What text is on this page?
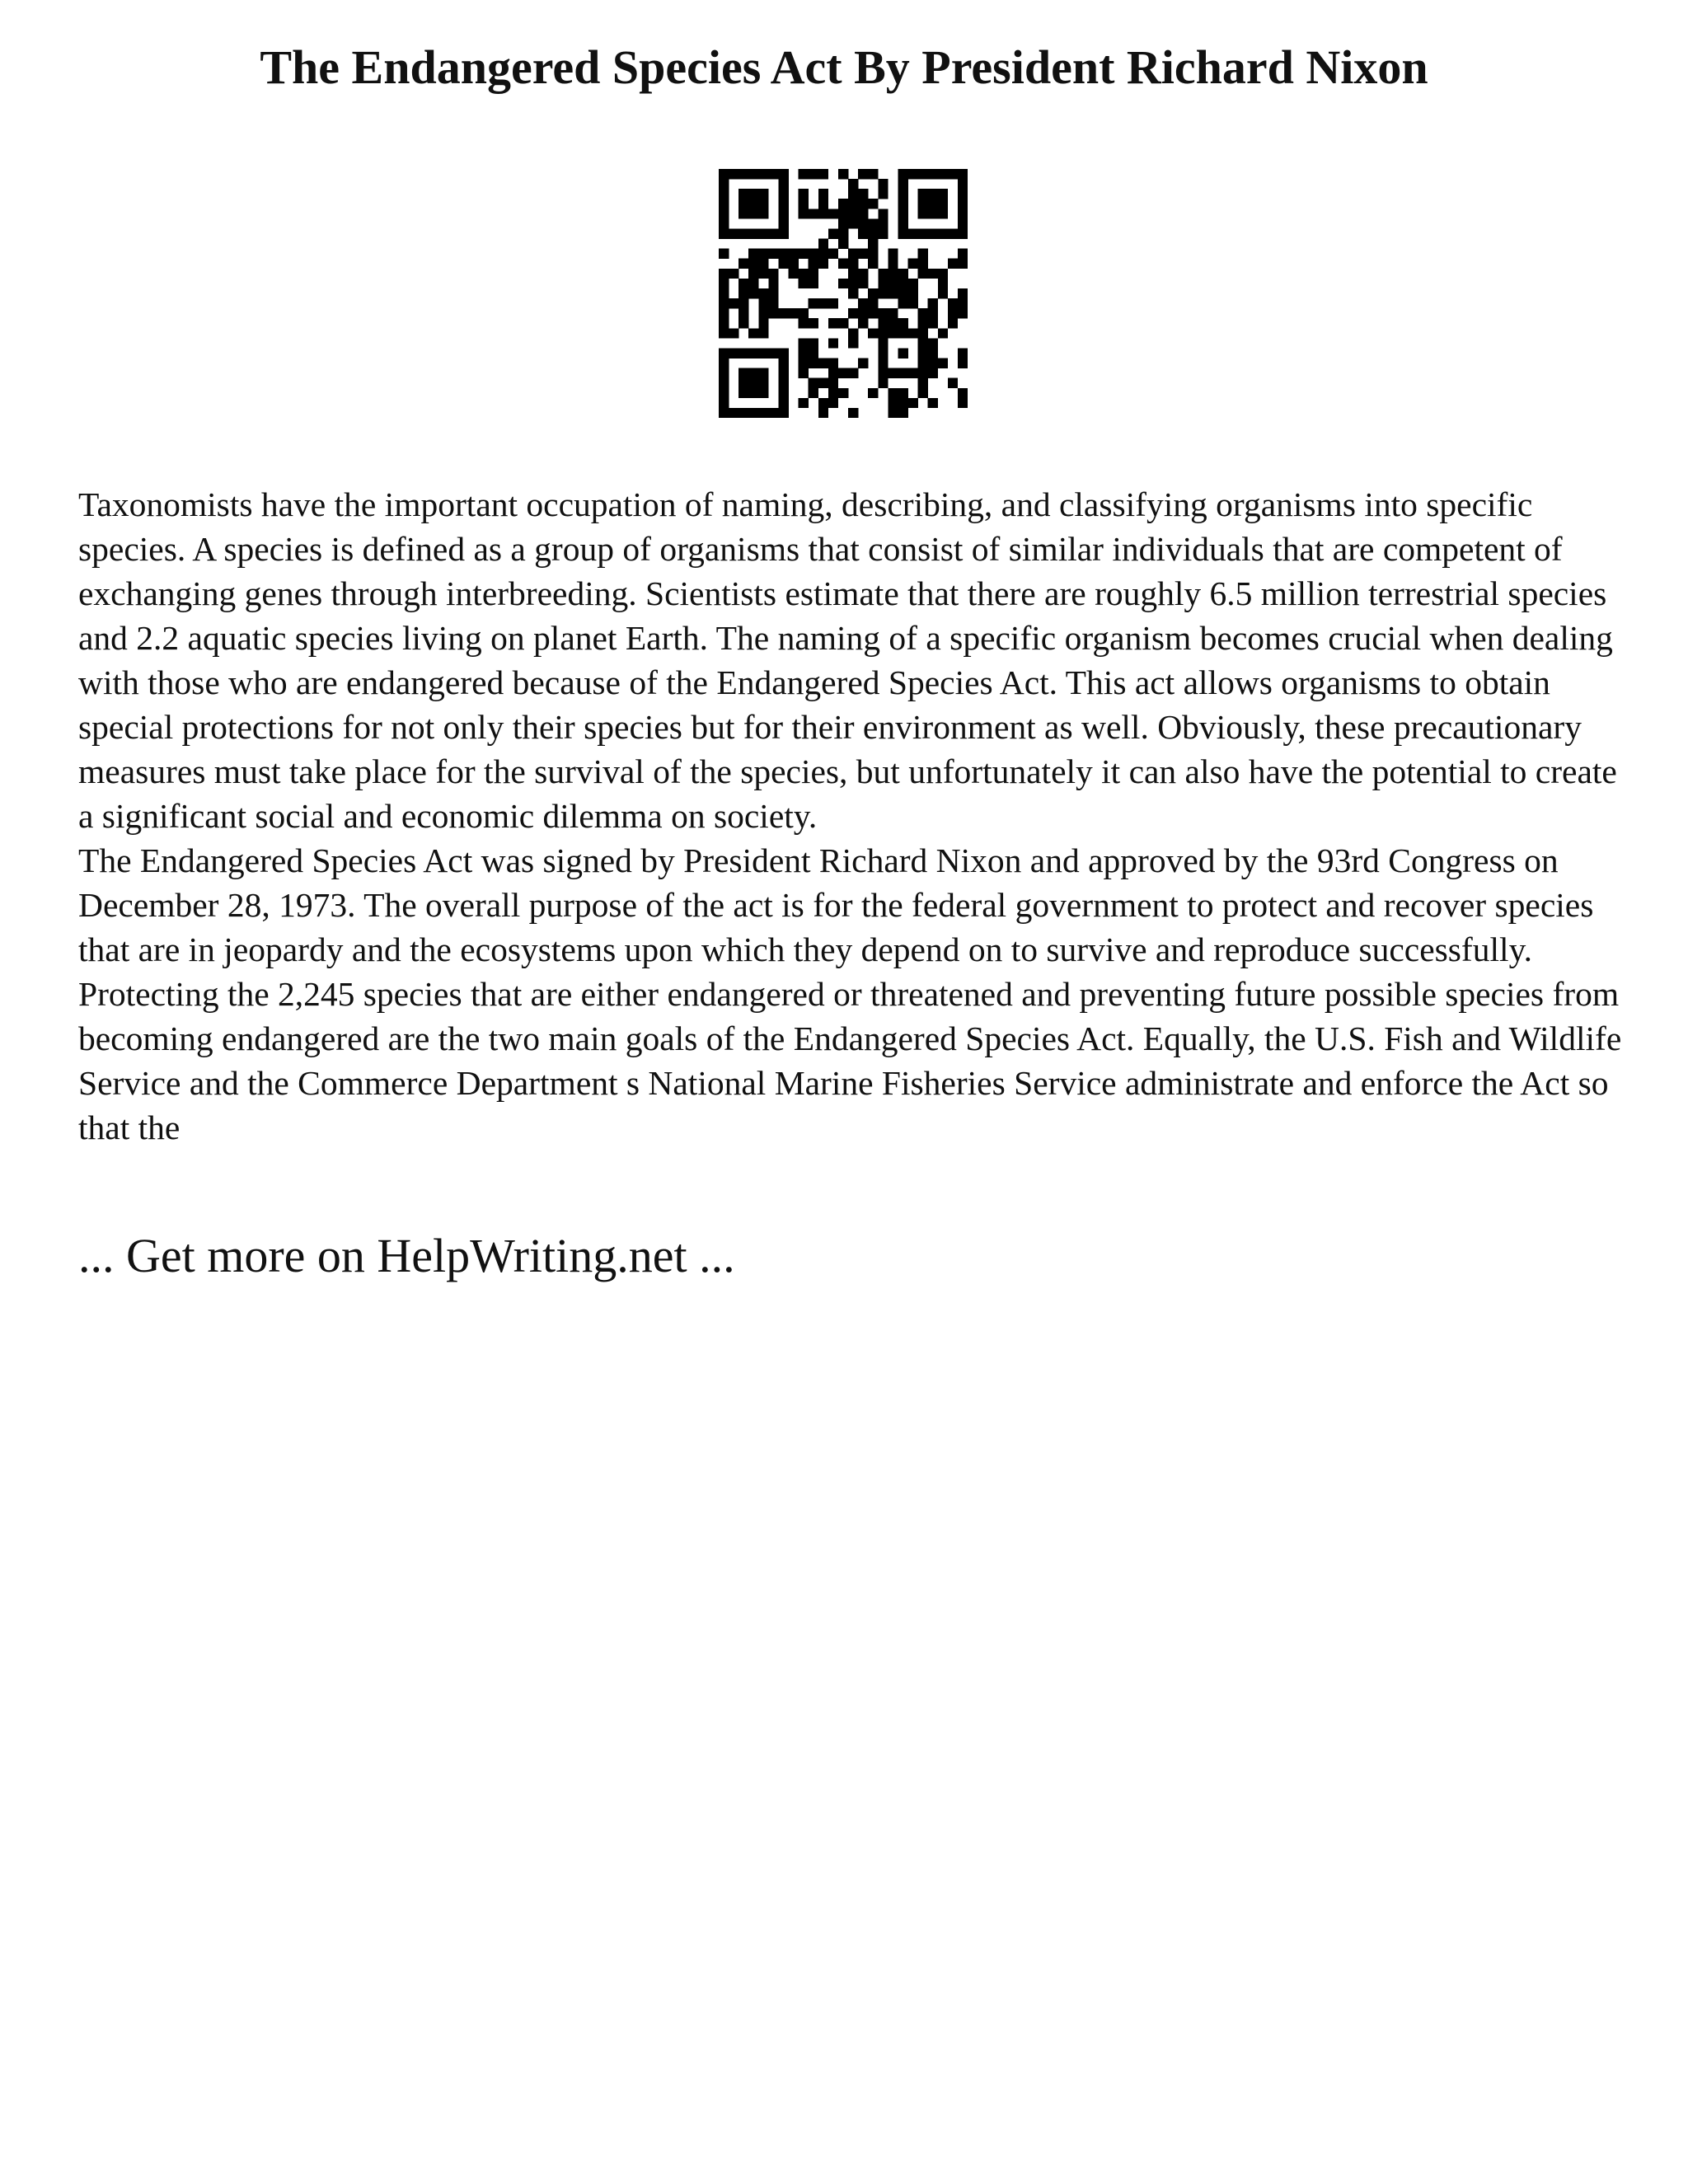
The Endangered Species Act By President Richard Nixon

Taxonomists have the important occupation of naming, describing, and classifying organisms into specific species. A species is defined as a group of organisms that consist of similar individuals that are competent of exchanging genes through interbreeding. Scientists estimate that there are roughly 6.5 million terrestrial species and 2.2 aquatic species living on planet Earth. The naming of a specific organism becomes crucial when dealing with those who are endangered because of the Endangered Species Act. This act allows organisms to obtain special protections for not only their species but for their environment as well. Obviously, these precautionary measures must take place for the survival of the species, but unfortunately it can also have the potential to create a significant social and economic dilemma on society.

The Endangered Species Act was signed by President Richard Nixon and approved by the 93rd Congress on December 28, 1973. The overall purpose of the act is for the federal government to protect and recover species that are in jeopardy and the ecosystems upon which they depend on to survive and reproduce successfully. Protecting the 2,245 species that are either endangered or threatened and preventing future possible species from becoming endangered are the two main goals of the Endangered Species Act. Equally, the U.S. Fish and Wildlife Service and the Commerce Department s National Marine Fisheries Service administrate and enforce the Act so that the

... Get more on HelpWriting.net ...
